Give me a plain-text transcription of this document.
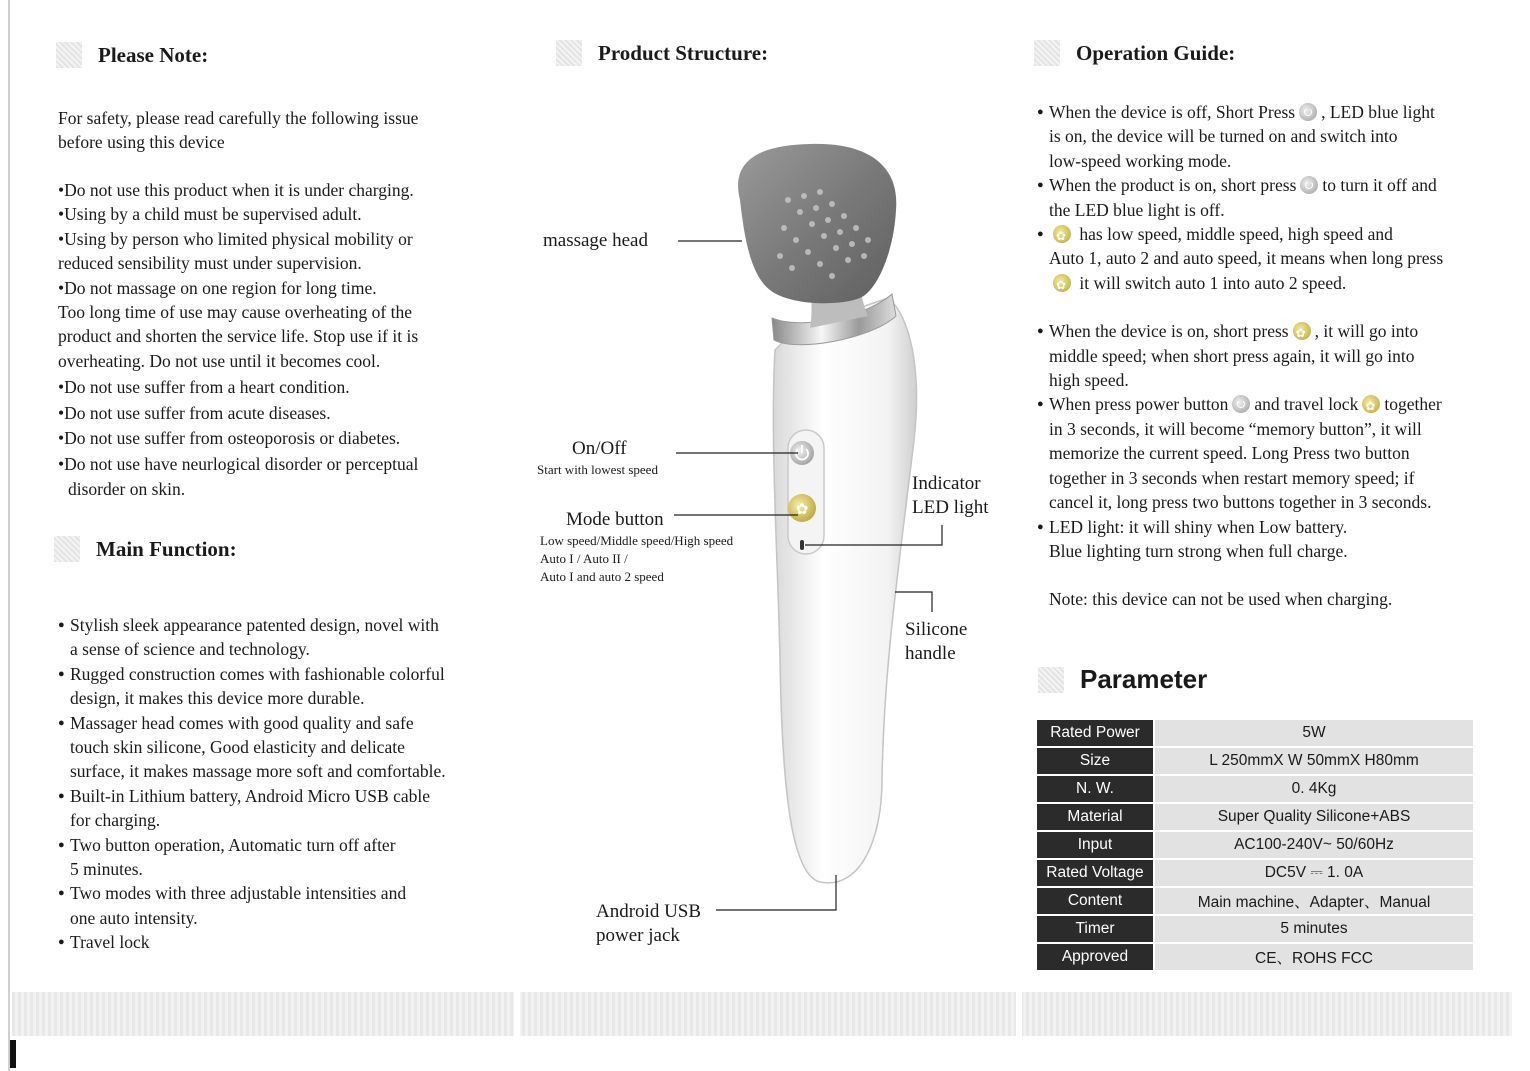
Please Note:
For safety, please read carefully the following issue
before using this device
• Do not use this product when it is under charging.
• Using by a child must be supervised adult.
• Using by person who limited physical mobility or
reduced sensibility must under supervision.
• Do not massage on one region for long time.
Too long time of use may cause overheating of the
product and shorten the service life. Stop use if it is
overheating. Do not use until it becomes cool.
• Do not use suffer from a heart condition.
• Do not use suffer from acute diseases.
• Do not use suffer from osteoporosis or diabetes.
• Do not use have neurlogical disorder or perceptual
disorder on skin.
Main Function:
● Stylish sleek appearance patented design, novel with
a sense of science and technology.
● Rugged construction comes with fashionable colorful
design, it makes this device more durable.
● Massager head comes with good quality and safe
touch skin silicone, Good elasticity and delicate
surface, it makes massage more soft and comfortable.
● Built-in Lithium battery, Android Micro USB cable
for charging.
● Two button operation, Automatic turn off after
5 minutes.
● Two modes with three adjustable intensities and
one auto intensity.
● Travel lock
Product Structure:
✿
massage head
On/Off
Start with lowest speed
Mode button
Low speed/Middle speed/High speed
Auto I / Auto II /
Auto I and auto 2 speed
Indicator
LED light
Silicone
handle
Android USB
power jack
Operation Guide:
● When the device is off, Short Press , LED blue light
is on, the device will be turned on and switch into
low-speed working mode.
● When the product is on, short press to turn it off and
the LED blue light is off.
✿ ● has low speed, middle speed, high speed and
Auto 1, auto 2 and auto speed, it means when long press
✿ it will switch auto 1 into auto 2 speed.
● When the device is on, short press ✿ , it will go into
middle speed; when short press again, it will go into
high speed.
● When press power button and travel lock ✿ together
in 3 seconds, it will become “memory button”, it will
memorize the current speed. Long Press two button
together in 3 seconds when restart memory speed; if
cancel it, long press two buttons together in 3 seconds.
● LED light: it will shiny when Low battery.
Blue lighting turn strong when full charge.
Note: this device can not be used when charging.
Parameter
Rated Power	5W
Size	L 250mmX W 50mmX H80mm
N. W.	0. 4Kg
Material	Super Quality Silicone+ABS
Input	AC100-240V~ 50/60Hz
Rated Voltage	DC5V ⎓ 1. 0A
Content	Main machine、Adapter、Manual
Timer	5 minutes
Approved	CE、ROHS FCC
